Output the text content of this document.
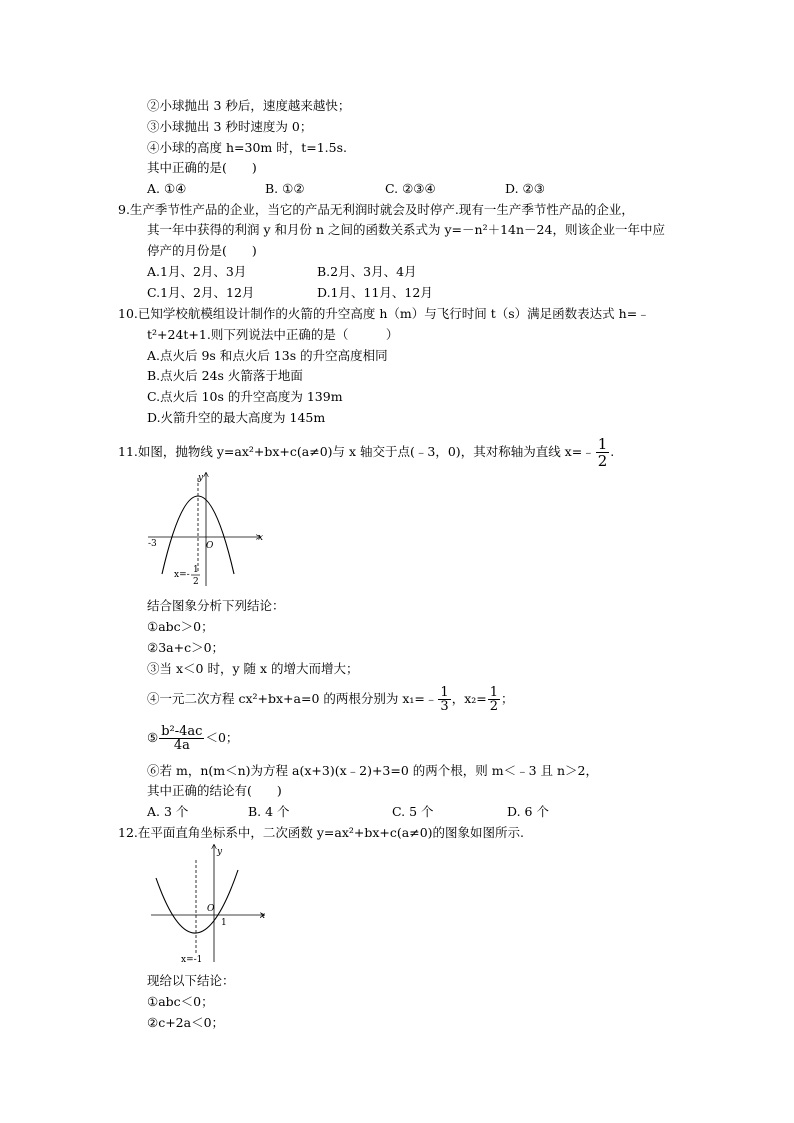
②小球抛出 3 秒后，速度越来越快；
③小球抛出 3 秒时速度为 0；
④小球的高度 h=30m 时，t=1.5s.
其中正确的是(　　)
A. ①④	B. ①②	C. ②③④	D. ②③
9.生产季节性产品的企业，当它的产品无利润时就会及时停产.现有一生产季节性产品的企业，
其一年中获得的利润 y 和月份 n 之间的函数关系式为 y=－n²＋14n－24，则该企业一年中应
停产的月份是(　　)
A.1月、2月、3月	B.2月、3月、4月
C.1月、2月、12月	D.1月、11月、12月
10.已知学校航模组设计制作的火箭的升空高度 h（m）与飞行时间 t（s）满足函数表达式 h=﹣
t²+24t+1.则下列说法中正确的是（　　　）
A.点火后 9s 和点火后 13s 的升空高度相同
B.点火后 24s 火箭落于地面
C.点火后 10s 的升空高度为 139m
D.火箭升空的最大高度为 145m
11.如图，抛物线 y=ax²+bx+c(a≠0)与 x 轴交于点(﹣3，0)，其对称轴为直线 x=﹣ $\frac{1}{2}$ .
y
x
O
-3
x=- 1
2
结合图象分析下列结论：
①abc＞0；
②3a+c＞0；
③当 x＜0 时，y 随 x 的增大而增大；
④一元二次方程 cx²+bx+a=0 的两根分别为 x₁=﹣ $\frac{1}{3}$ ，$x_2= \frac{1}{2}$ ；
⑤ $\frac{\text{b²-4ac}}{4a} <0$；
⑥若 m，n(m＜n)为方程 a(x+3)(x﹣2)+3=0 的两个根，则 m＜﹣3 且 n＞2，
其中正确的结论有(　　)
A. 3 个	B. 4 个	C. 5 个	D. 6 个
12.在平面直角坐标系中，二次函数 y=ax²+bx+c(a≠0)的图象如图所示.
y
x
O
1
x=-1
现给以下结论：
①abc＜0；
②c+2a＜0；
